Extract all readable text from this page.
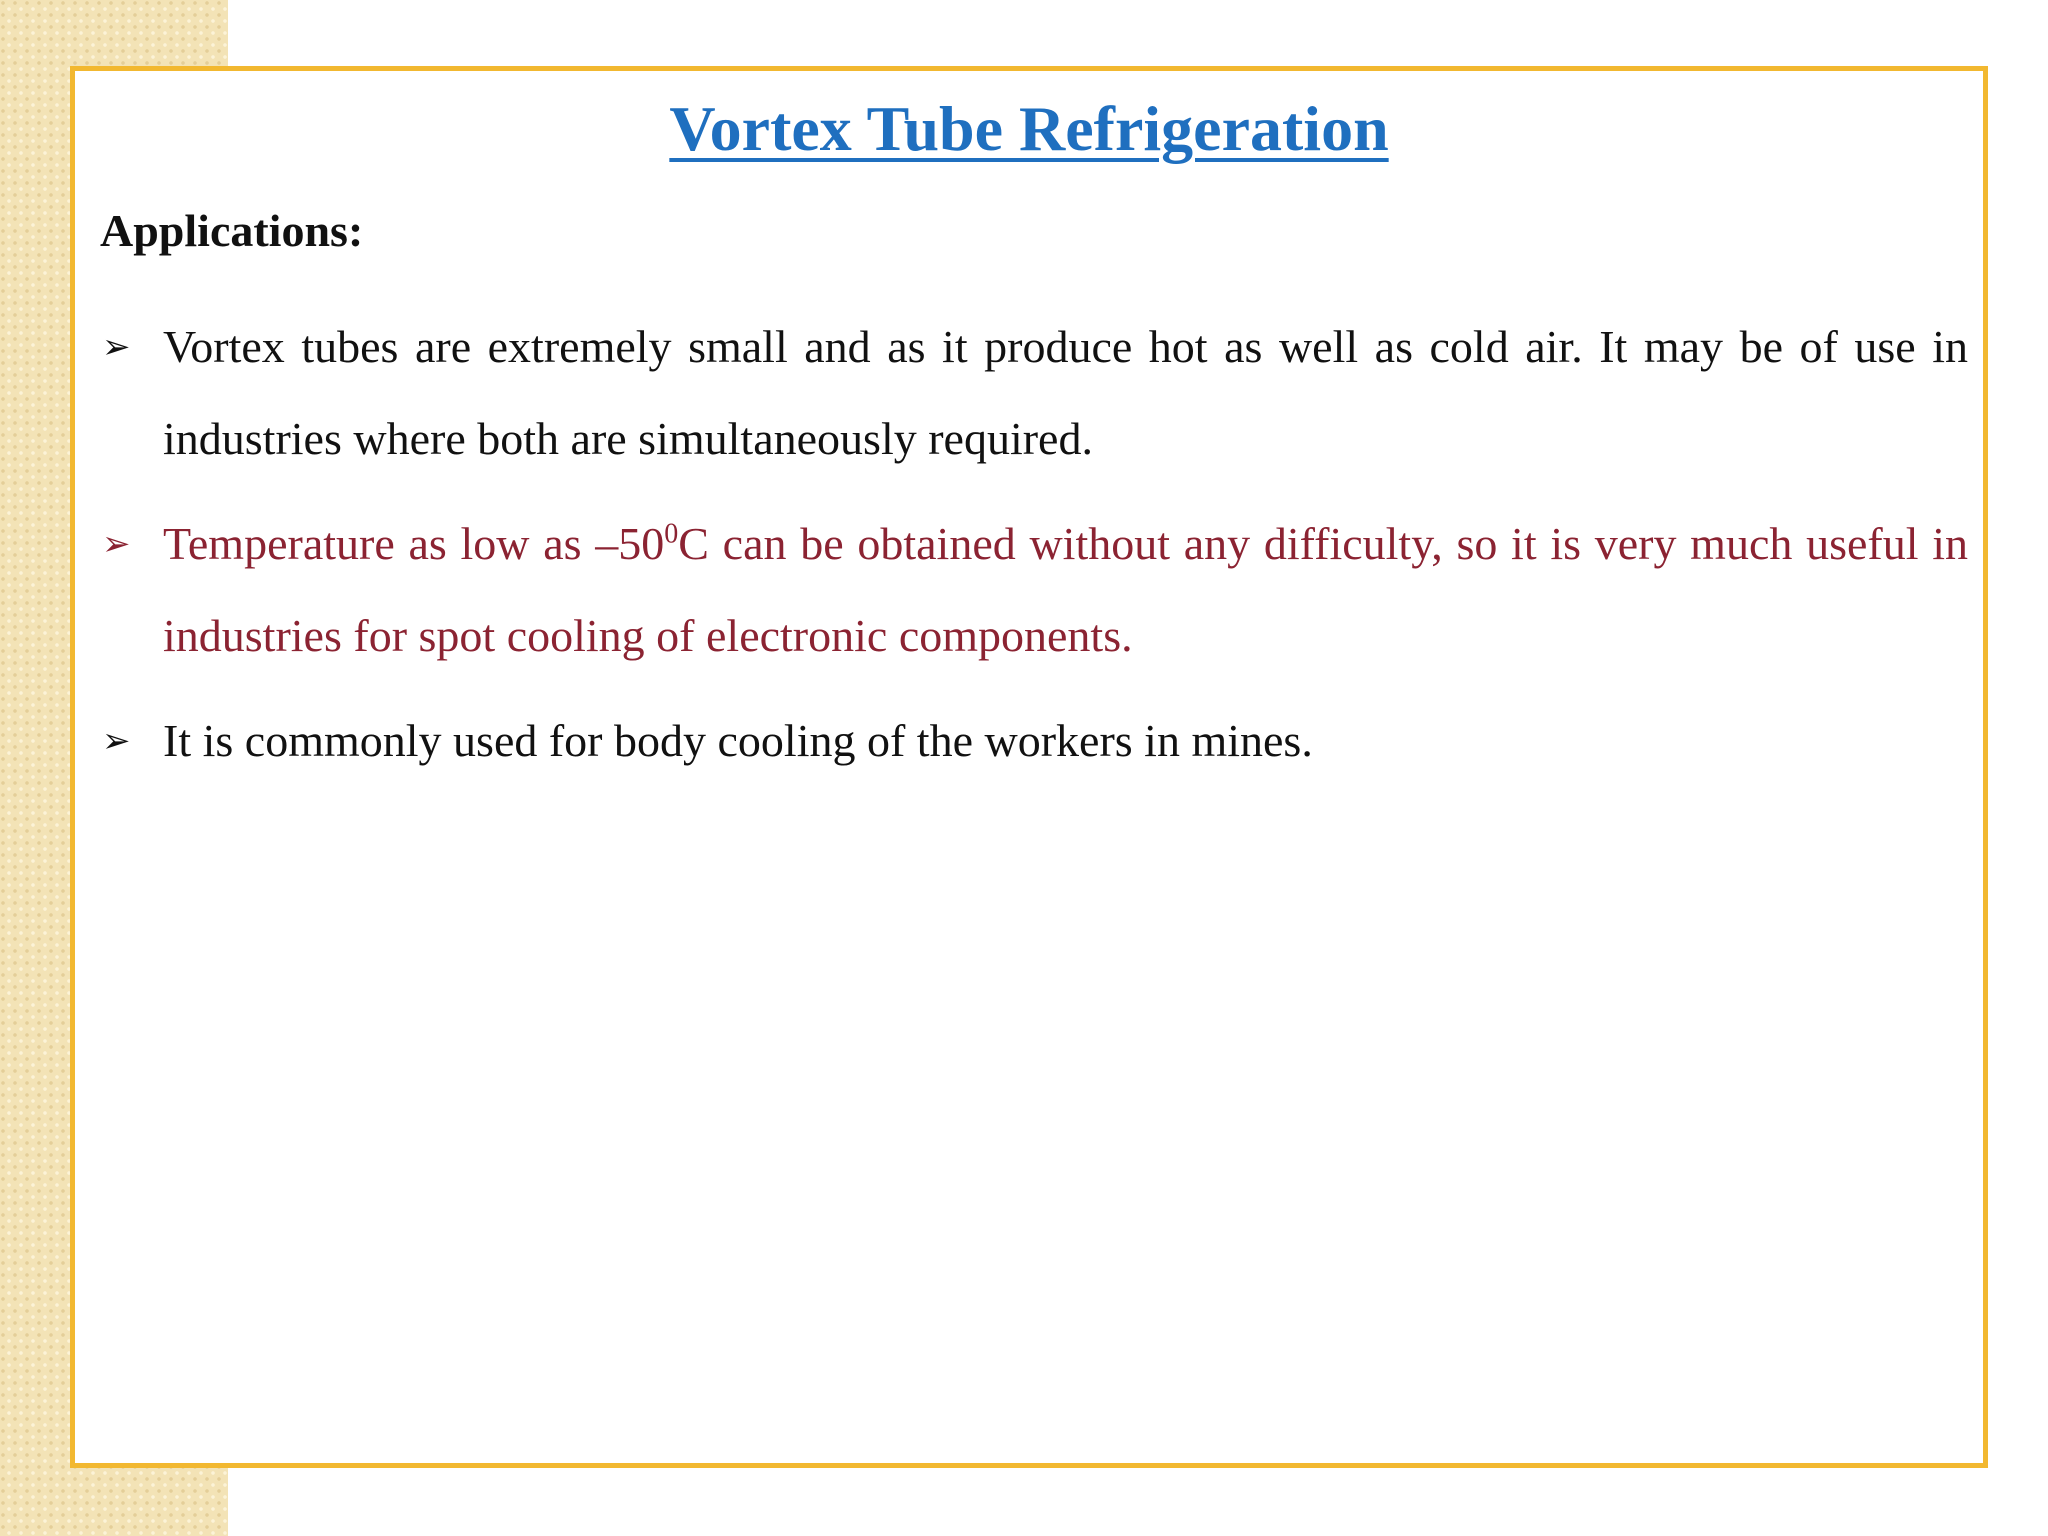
Vortex Tube Refrigeration
Applications:
➢ Vortex tubes are extremely small and as it produce hot as well as cold air. It may be of use in industries where both are simultaneously required.
➢ Temperature as low as $-50^0C$ can be obtained without any difficulty, so it is very much useful in industries for spot cooling of electronic components.
➢ It is commonly used for body cooling of the workers in mines.
